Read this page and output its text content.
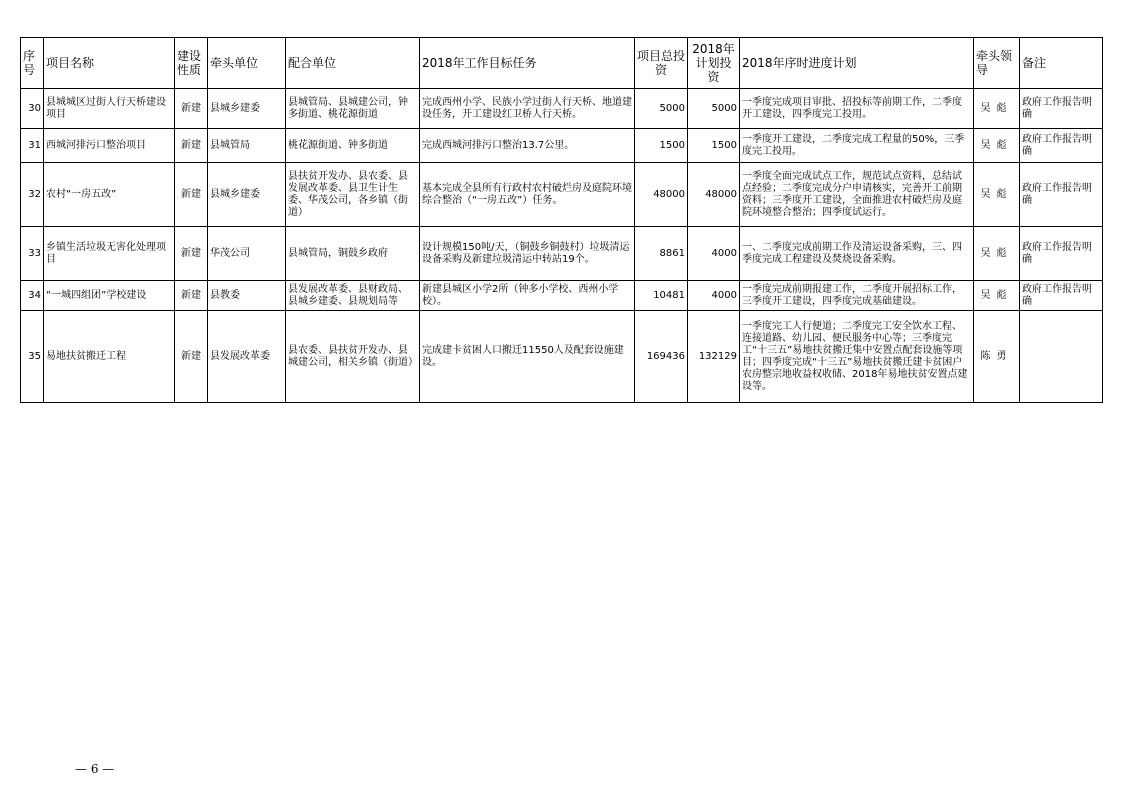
序号	项目名称	建设性质	牵头单位	配合单位	2018年工作目标任务	项目总投资	2018年计划投资	2018年序时进度计划	牵头领导	备注
30	县城城区过街人行天桥建设项目	新建	县城乡建委	县城管局、县城建公司，钟多街道、桃花源街道	完成西州小学、民族小学过街人行天桥、地道建设任务，开工建设红卫桥人行天桥。	5000	5000	一季度完成项目审批、招投标等前期工作，二季度开工建设，四季度完工投用。	吴彪	政府工作报告明确
31	西城河排污口整治项目	新建	县城管局	桃花源街道、钟多街道	完成西城河排污口整治13.7公里。	1500	1500	一季度开工建设，二季度完成工程量的50%，三季度完工投用。	吴彪	政府工作报告明确
32	农村“一房五改”	新建	县城乡建委	县扶贫开发办、县农委、县发展改革委、县卫生计生委、华茂公司，各乡镇（街道）	基本完成全县所有行政村农村破烂房及庭院环境综合整治（“一房五改”）任务。	48000	48000	一季度全面完成试点工作，规范试点资料，总结试点经验；二季度完成分户申请核实，完善开工前期资料；三季度开工建设，全面推进农村破烂房及庭院环境整合整治；四季度试运行。	吴彪	政府工作报告明确
33	乡镇生活垃圾无害化处理项目	新建	华茂公司	县城管局，铜鼓乡政府	设计规模150吨/天，（铜鼓乡铜鼓村）垃圾清运设备采购及新建垃圾清运中转站19个。	8861	4000	一、二季度完成前期工作及清运设备采购，三、四季度完成工程建设及焚烧设备采购。	吴彪	政府工作报告明确
34	“一城四组团”学校建设	新建	县教委	县发展改革委、县财政局、县城乡建委、县规划局等	新建县城区小学2所（钟多小学校、西州小学校）。	10481	4000	一季度完成前期报建工作，二季度开展招标工作，三季度开工建设，四季度完成基础建设。	吴彪	政府工作报告明确
35	易地扶贫搬迁工程	新建	县发展改革委	县农委、县扶贫开发办、县城建公司，相关乡镇（街道）	完成建卡贫困人口搬迁11550人及配套设施建设。	169436	132129	一季度完工人行便道；二季度完工安全饮水工程、连接道路、幼儿园、便民服务中心等；三季度完工“十三五”易地扶贫搬迁集中安置点配套设施等项目；四季度完成“十三五”易地扶贫搬迁建卡贫困户农房整宗地收益权收储、2018年易地扶贫安置点建设等。	陈勇	
— 6 —
